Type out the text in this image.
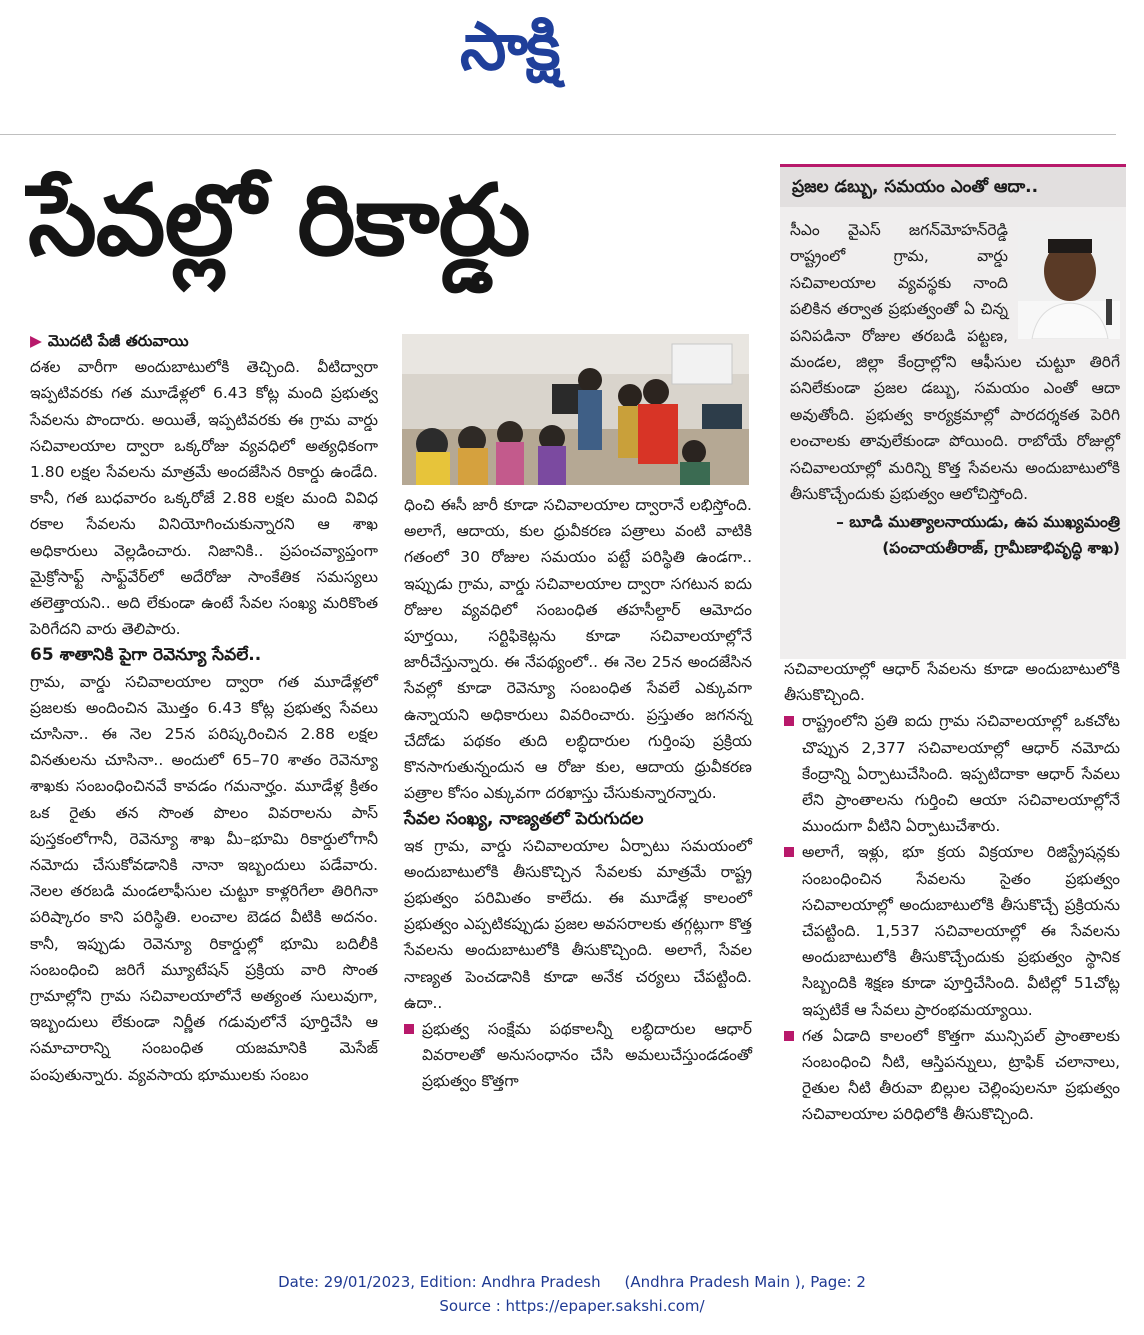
సాక్షి
సేవల్లో రికార్డు

▶ మొదటి పేజీ తరువాయి

దశల వారీగా అందుబాటులోకి తెచ్చింది. వీటిద్వారా ఇప్పటివరకు గత మూడేళ్లలో 6.43 కోట్ల మంది ప్రభుత్వ సేవలను పొందారు. అయితే, ఇప్పటివరకు ఈ గ్రామ వార్డు సచివాలయాల ద్వారా ఒక్కరోజు వ్యవధిలో అత్యధికంగా 1.80 లక్షల సేవలను మాత్రమే అందజేసిన రికార్డు ఉండేది. కానీ, గత బుధవారం ఒక్కరోజే 2.88 లక్షల మంది వివిధ రకాల సేవలను వినియోగించుకున్నారని ఆ శాఖ అధికారులు వెల్లడించారు. నిజానికి.. ప్రపంచవ్యాప్తంగా మైక్రోసాఫ్ట్ సాఫ్ట్‌వేర్‌లో అదేరోజు సాంకేతిక సమస్యలు తలెత్తాయని.. అది లేకుండా ఉంటే సేవల సంఖ్య మరికొంత పెరిగేదని వారు తెలిపారు.

65 శాతానికి పైగా రెవెన్యూ సేవలే..

గ్రామ, వార్డు సచివాలయాల ద్వారా గత మూడేళ్లలో ప్రజలకు అందించిన మొత్తం 6.43 కోట్ల ప్రభుత్వ సేవలు చూసినా.. ఈ నెల 25న పరిష్కరించిన 2.88 లక్షల వినతులను చూసినా.. అందులో 65–70 శాతం రెవెన్యూ శాఖకు సంబంధించినవే కావడం గమనార్హం. మూడేళ్ల క్రితం ఒక రైతు తన సొంత పొలం వివరాలను పాస్ పుస్తకంలోగానీ, రెవెన్యూ శాఖ మీ–భూమి రికార్డులోగానీ నమోదు చేసుకోవడానికి నానా ఇబ్బందులు పడేవారు. నెలల తరబడి మండలాఫీసుల చుట్టూ కాళ్లరిగేలా తిరిగినా పరిష్కారం కాని పరిస్థితి. లంచాల బెడద వీటికి అదనం. కానీ, ఇప్పుడు రెవెన్యూ రికార్డుల్లో భూమి బదిలీకి సంబంధించి జరిగే మ్యూటేషన్ ప్రక్రియ వారి సొంత గ్రామాల్లోని గ్రామ సచివాలయాలోనే అత్యంత సులువుగా, ఇబ్బందులు లేకుండా నిర్ణీత గడువులోనే పూర్తిచేసి ఆ సమాచారాన్ని సంబంధిత యజమానికి మెసేజ్ పంపుతున్నారు. వ్యవసాయ భూములకు సంబం

ధించి ఈసీ జారీ కూడా సచివాలయాల ద్వారానే లభిస్తోంది. అలాగే, ఆదాయ, కుల ధ్రువీకరణ పత్రాలు వంటి వాటికి గతంలో 30 రోజుల సమయం పట్టే పరిస్థితి ఉండగా.. ఇప్పుడు గ్రామ, వార్డు సచివాలయాల ద్వారా సగటున ఐదు రోజుల వ్యవధిలో సంబంధిత తహసీల్దార్ ఆమోదం పూర్తయి, సర్టిఫికెట్లను కూడా సచివాలయాల్లోనే జారీచేస్తున్నారు. ఈ నేపథ్యంలో.. ఈ నెల 25న అందజేసిన సేవల్లో కూడా రెవెన్యూ సంబంధిత సేవలే ఎక్కువగా ఉన్నాయని అధికారులు వివరించారు. ప్రస్తుతం జగనన్న చేదోడు పథకం తుది లబ్ధిదారుల గుర్తింపు ప్రక్రియ కొనసాగుతున్నందున ఆ రోజు కుల, ఆదాయ ధ్రువీకరణ పత్రాల కోసం ఎక్కువగా దరఖాస్తు చేసుకున్నారన్నారు.

సేవల సంఖ్య, నాణ్యతలో పెరుగుదల

ఇక గ్రామ, వార్డు సచివాలయాల ఏర్పాటు సమయంలో అందుబాటులోకి తీసుకొచ్చిన సేవలకు మాత్రమే రాష్ట్ర ప్రభుత్వం పరిమితం కాలేదు. ఈ మూడేళ్ల కాలంలో ప్రభుత్వం ఎప్పటికప్పుడు ప్రజల అవసరాలకు తగ్గట్లుగా కొత్త సేవలను అందుబాటులోకి తీసుకొచ్చింది. అలాగే, సేవల నాణ్యత పెంచడానికి కూడా అనేక చర్యలు చేపట్టింది. ఉదా..

ప్రభుత్వ సంక్షేమ పథకాలన్నీ లబ్ధిదారుల ఆధార్ వివరాలతో అనుసంధానం చేసి అమలుచేస్తుండడంతో ప్రభుత్వం కొత్తగా

ప్రజల డబ్బు, సమయం ఎంతో ఆదా..

సీఎం వైఎస్ జగన్‌మోహన్‌రెడ్డి రాష్ట్రంలో గ్రామ, వార్డు సచివాలయాల వ్యవస్థకు నాంది పలికిన తర్వాత ప్రభుత్వంతో ఏ చిన్న పనిపడినా రోజుల తరబడి పట్టణ, మండల, జిల్లా కేంద్రాల్లోని ఆఫీసుల చుట్టూ తిరిగే పనిలేకుండా ప్రజల డబ్బు, సమయం ఎంతో ఆదా అవుతోంది. ప్రభుత్వ కార్యక్రమాల్లో పారదర్శకత పెరిగి లంచాలకు తావులేకుండా పోయింది. రాబోయే రోజుల్లో సచివాలయాల్లో మరిన్ని కొత్త సేవలను అందుబాటులోకి తీసుకొచ్చేందుకు ప్రభుత్వం ఆలోచిస్తోంది.

– బూడి ముత్యాలనాయుడు, ఉప ముఖ్యమంత్రి
(పంచాయతీరాజ్, గ్రామీణాభివృద్ధి శాఖ)

సచివాలయాల్లో ఆధార్ సేవలను కూడా అందుబాటులోకి తీసుకొచ్చింది.

రాష్ట్రంలోని ప్రతి ఐదు గ్రామ సచివాలయాల్లో ఒకచోట చొప్పున 2,377 సచివాలయాల్లో ఆధార్ నమోదు కేంద్రాన్ని ఏర్పాటుచేసింది. ఇప్పటిదాకా ఆధార్ సేవలు లేని ప్రాంతాలను గుర్తించి ఆయా సచివాలయాల్లోనే ముందుగా వీటిని ఏర్పాటుచేశారు.

అలాగే, ఇళ్లు, భూ క్రయ విక్రయాల రిజిస్ట్రేషన్లకు సంబంధించిన సేవలను సైతం ప్రభుత్వం సచివాలయాల్లో అందుబాటులోకి తీసుకొచ్చే ప్రక్రియను చేపట్టింది. 1,537 సచివాలయాల్లో ఈ సేవలను అందుబాటులోకి తీసుకొచ్చేందుకు ప్రభుత్వం స్థానిక సిబ్బందికి శిక్షణ కూడా పూర్తిచేసింది. వీటిల్లో 51చోట్ల ఇప్పటికే ఆ సేవలు ప్రారంభమయ్యాయి.

గత ఏడాది కాలంలో కొత్తగా మున్సిపల్ ప్రాంతాలకు సంబంధించి నీటి, ఆస్తిపన్నులు, ట్రాఫిక్ చలానాలు, రైతుల నీటి తీరువా బిల్లుల చెల్లింపులనూ ప్రభుత్వం సచివాలయాల పరిధిలోకి తీసుకొచ్చింది.

Date: 29/01/2023, Edition: Andhra Pradesh     (Andhra Pradesh Main ), Page: 2
Source : https://epaper.sakshi.com/
